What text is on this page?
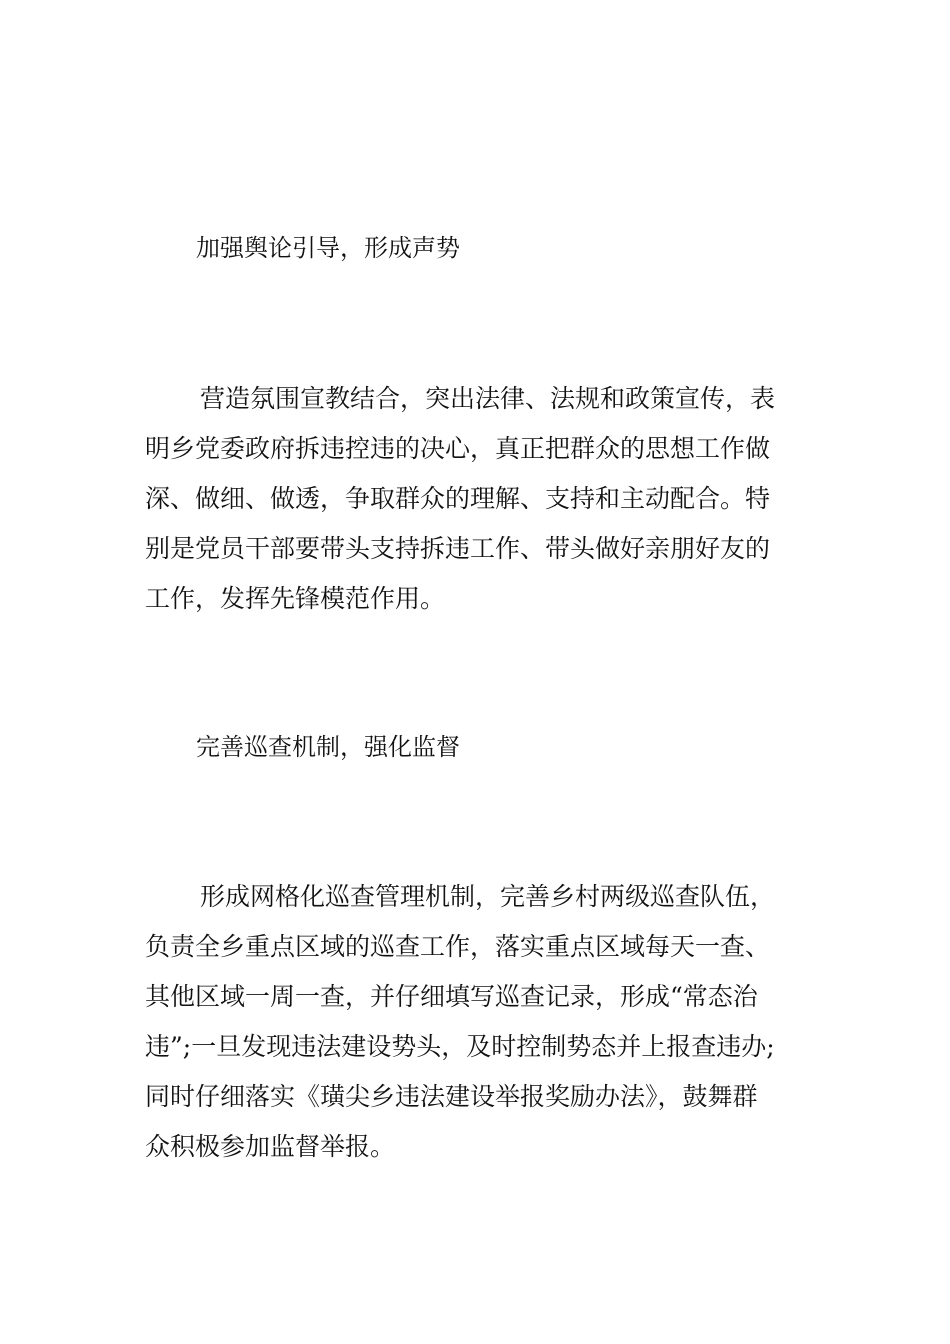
加强舆论引导，形成声势
营造氛围宣教结合，突出法律、法规和政策宣传，表
明乡党委政府拆违控违的决心，真正把群众的思想工作做
深、做细、做透，争取群众的理解、支持和主动配合。特
别是党员干部要带头支持拆违工作、带头做好亲朋好友的
工作，发挥先锋模范作用。
完善巡查机制，强化监督
形成网格化巡查管理机制，完善乡村两级巡查队伍，
负责全乡重点区域的巡查工作，落实重点区域每天一查、
其他区域一周一查，并仔细填写巡查记录，形成“常态治
违”;一旦发现违法建设势头，及时控制势态并上报查违办;
同时仔细落实《璜尖乡违法建设举报奖励办法》，鼓舞群
众积极参加监督举报。
